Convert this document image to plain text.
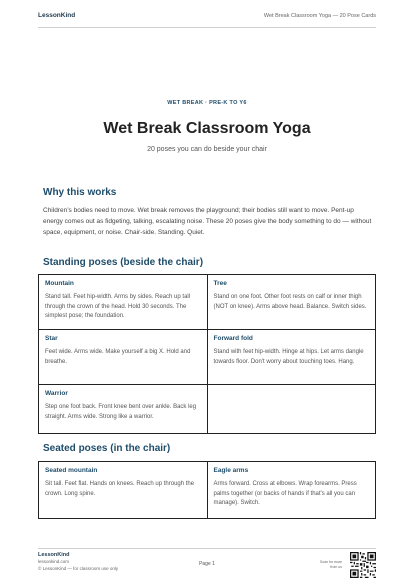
LessonKind	Wet Break Classroom Yoga — 20 Pose Cards
WET BREAK · PRE-K TO Y6
Wet Break Classroom Yoga
20 poses you can do beside your chair
Why this works
Children’s bodies need to move. Wet break removes the playground; their bodies still want to move. Pent-up energy comes out as fidgeting, talking, escalating noise. These 20 poses give the body something to do — without space, equipment, or noise. Chair-side. Standing. Quiet.
Standing poses (beside the chair)
Mountain
Stand tall. Feet hip-width. Arms by sides. Reach up tall through the crown of the head. Hold 30 seconds. The simplest pose; the foundation.
Tree
Stand on one foot. Other foot rests on calf or inner thigh (NOT on knee). Arms above head. Balance. Switch sides.
Star
Feet wide. Arms wide. Make yourself a big X. Hold and breathe.
Forward fold
Stand with feet hip-width. Hinge at hips. Let arms dangle towards floor. Don't worry about touching toes. Hang.
Warrior
Step one foot back. Front knee bent over ankle. Back leg straight. Arms wide. Strong like a warrior.
Seated poses (in the chair)
Seated mountain
Sit tall. Feet flat. Hands on knees. Reach up through the crown. Long spine.
Eagle arms
Arms forward. Cross at elbows. Wrap forearms. Press palms together (or backs of hands if that's all you can manage). Switch.
LessonKind
lessonkind.com
© LessonKind — for classroom use only
Page 1	Scan for more from us
